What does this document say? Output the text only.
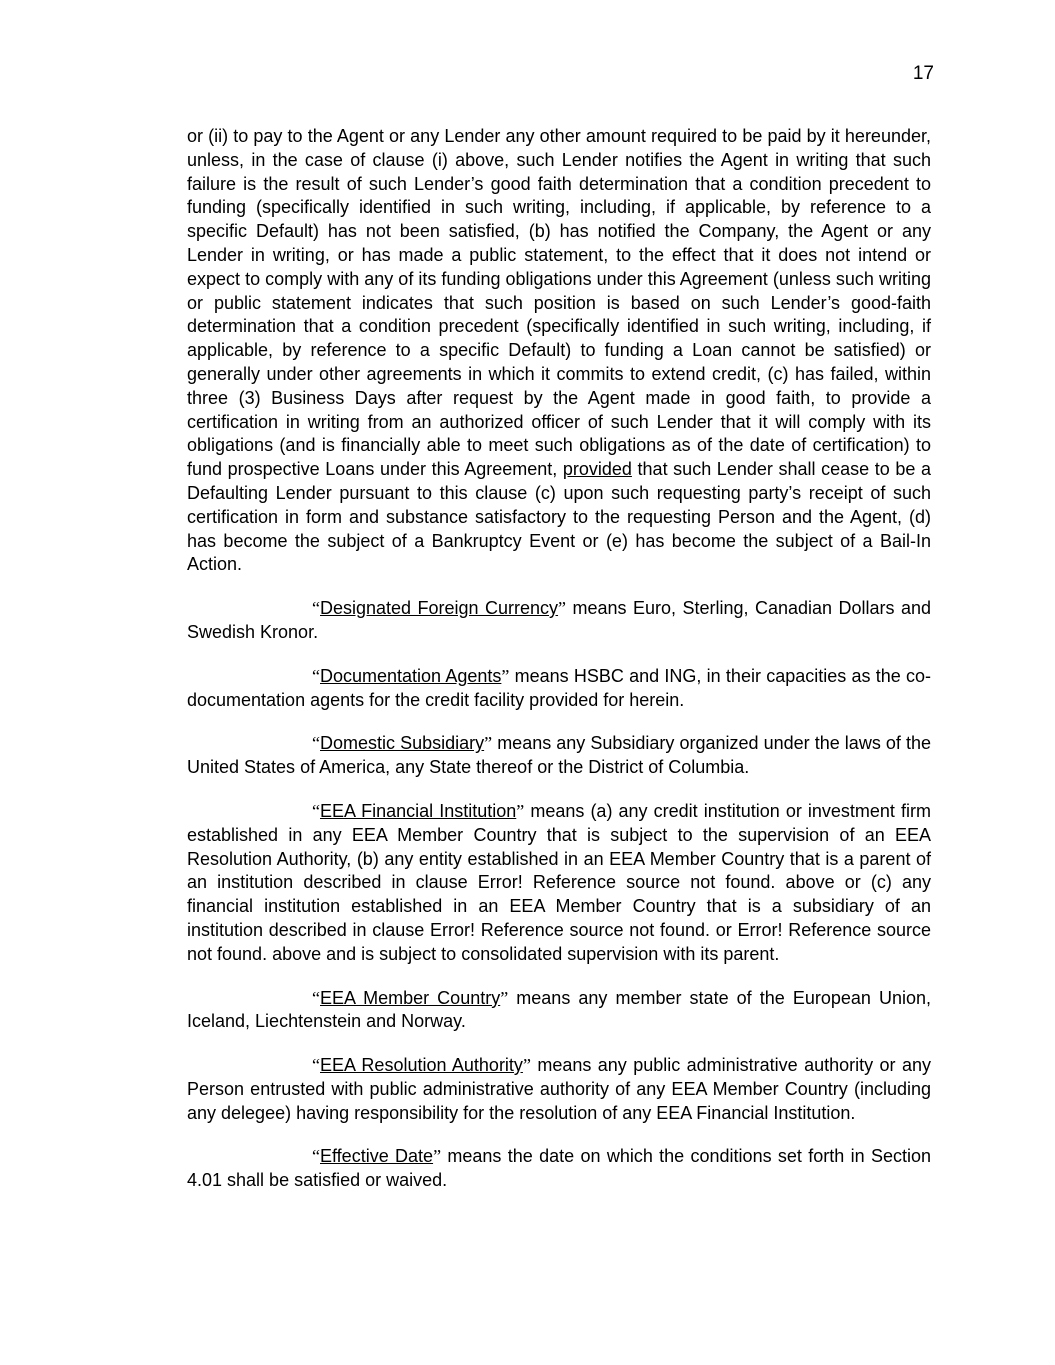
17

or (ii) to pay to the Agent or any Lender any other amount required to be paid by it hereunder, unless, in the case of clause (i) above, such Lender notifies the Agent in writing that such failure is the result of such Lender’s good faith determination that a condition precedent to funding (specifically identified in such writing, including, if applicable, by reference to a specific Default) has not been satisfied, (b) has notified the Company, the Agent or any Lender in writing, or has made a public statement, to the effect that it does not intend or expect to comply with any of its funding obligations under this Agreement (unless such writing or public statement indicates that such position is based on such Lender’s good-faith determination that a condition precedent (specifically identified in such writing, including, if applicable, by reference to a specific Default) to funding a Loan cannot be satisfied) or generally under other agreements in which it commits to extend credit, (c) has failed, within three (3) Business Days after request by the Agent made in good faith, to provide a certification in writing from an authorized officer of such Lender that it will comply with its obligations (and is financially able to meet such obligations as of the date of certification) to fund prospective Loans under this Agreement, provided that such Lender shall cease to be a Defaulting Lender pursuant to this clause (c) upon such requesting party’s receipt of such certification in form and substance satisfactory to the requesting Person and the Agent, (d) has become the subject of a Bankruptcy Event or (e) has become the subject of a Bail-In Action.

“Designated Foreign Currency” means Euro, Sterling, Canadian Dollars and Swedish Kronor.

“Documentation Agents” means HSBC and ING, in their capacities as the co-documentation agents for the credit facility provided for herein.

“Domestic Subsidiary” means any Subsidiary organized under the laws of the United States of America, any State thereof or the District of Columbia.

“EEA Financial Institution” means (a) any credit institution or investment firm established in any EEA Member Country that is subject to the supervision of an EEA Resolution Authority, (b) any entity established in an EEA Member Country that is a parent of an institution described in clause Error! Reference source not found. above or (c) any financial institution established in an EEA Member Country that is a subsidiary of an institution described in clause Error! Reference source not found. or Error! Reference source not found. above and is subject to consolidated supervision with its parent.

“EEA Member Country” means any member state of the European Union, Iceland, Liechtenstein and Norway.

“EEA Resolution Authority” means any public administrative authority or any Person entrusted with public administrative authority of any EEA Member Country (including any delegee) having responsibility for the resolution of any EEA Financial Institution.

“Effective Date” means the date on which the conditions set forth in Section 4.01 shall be satisfied or waived.
